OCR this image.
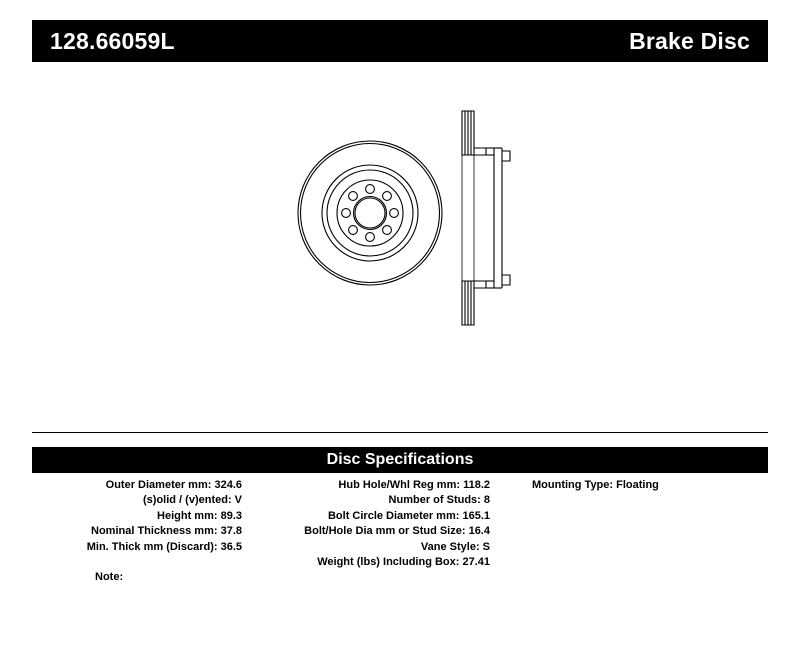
128.66059L	Brake Disc
Disc Specifications
Outer Diameter mm: 324.6
(s)olid / (v)ented: V
Height mm: 89.3
Nominal Thickness mm: 37.8
Min. Thick mm (Discard): 36.5
Hub Hole/Whl Reg mm: 118.2
Number of Studs: 8
Bolt Circle Diameter mm: 165.1
Bolt/Hole Dia mm or Stud Size: 16.4
Vane Style: S
Weight (lbs) Including Box: 27.41
Mounting Type: Floating
Note:
